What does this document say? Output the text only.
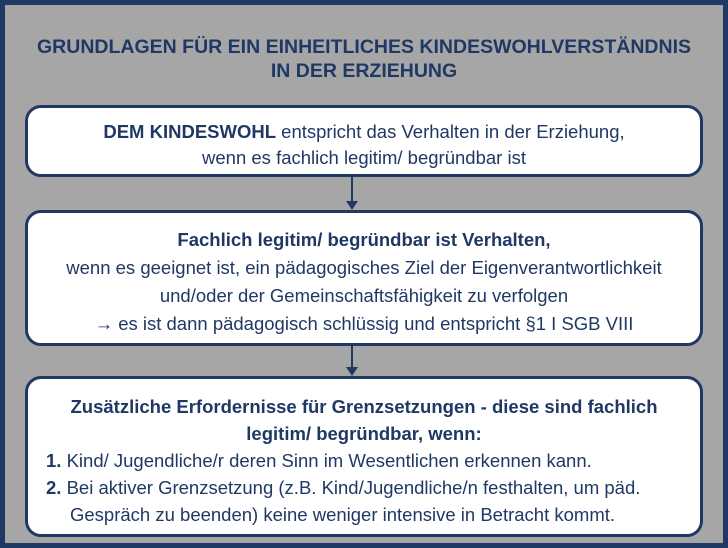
GRUNDLAGEN FÜR EIN EINHEITLICHES KINDESWOHLVERSTÄNDNIS
IN DER ERZIEHUNG
DEM KINDESWOHL entspricht das Verhalten in der Erziehung,
wenn es fachlich legitim/ begründbar ist
Fachlich legitim/ begründbar ist Verhalten,
wenn es geeignet ist, ein pädagogisches Ziel der Eigenverantwortlichkeit
und/oder der Gemeinschaftsfähigkeit zu verfolgen
→ es ist dann pädagogisch schlüssig und entspricht §1 I SGB VIII
Zusätzliche Erfordernisse für Grenzsetzungen - diese sind fachlich
legitim/ begründbar, wenn:
1. Kind/ Jugendliche/r deren Sinn im Wesentlichen erkennen kann.
2. Bei aktiver Grenzsetzung (z.B. Kind/Jugendliche/n festhalten, um päd.
Gespräch zu beenden) keine weniger intensive in Betracht kommt.
